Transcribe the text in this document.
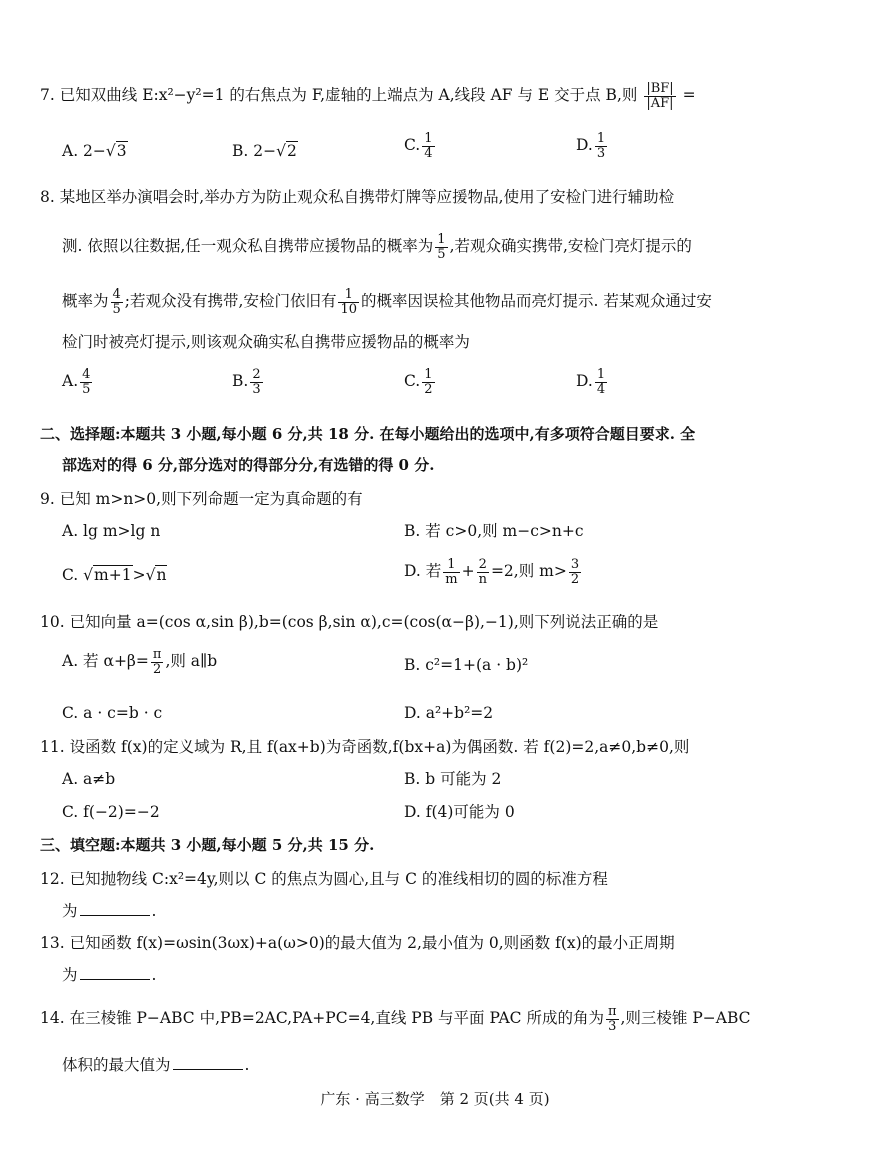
7. 已知双曲线 E:x²−y²=1 的右焦点为 F,虚轴的上端点为 A,线段 AF 与 E 交于点 B,则 $\frac{|BF|}{|AF|}$ =
A. 2−√3	B. 2−√2	C. $\frac{1}{4}$	D. $\frac{1}{3}$
8. 某地区举办演唱会时,举办方为防止观众私自携带灯牌等应援物品,使用了安检门进行辅助检
测. 依照以往数据,任一观众私自携带应援物品的概率为 $\frac{1}{5}$ ,若观众确实携带,安检门亮灯提示的
概率为 $\frac{4}{5}$ ;若观众没有携带,安检门依旧有 $\frac{1}{10}$ 的概率因误检其他物品而亮灯提示. 若某观众通过安
检门时被亮灯提示,则该观众确实私自携带应援物品的概率为
A. $\frac{4}{5}$	B. $\frac{2}{3}$	C. $\frac{1}{2}$	D. $\frac{1}{4}$
二、选择题:本题共 3 小题,每小题 6 分,共 18 分. 在每小题给出的选项中,有多项符合题目要求. 全
部选对的得 6 分,部分选对的得部分分,有选错的得 0 分.
9. 已知 m>n>0,则下列命题一定为真命题的有
A. lg m>lg n	B. 若 c>0,则 m−c>n+c
C. √m+1>√n	D. 若 $\frac{1}{m} + \frac{2}{n} =2$,则 $m> \frac{3}{2}$
10. 已知向量 a=(cos α,sin β),b=(cos β,sin α),c=(cos(α−β),−1),则下列说法正确的是
A. 若 $\alpha+\beta= \frac{\pi}{2}$ ,则 a∥b	B. c²=1+(a · b)²
C. a · c=b · c	D. a²+b²=2
11. 设函数 f(x)的定义域为 R,且 f(ax+b)为奇函数,f(bx+a)为偶函数. 若 f(2)=2,a≠0,b≠0,则
A. a≠b	B. b 可能为 2
C. f(−2)=−2	D. f(4)可能为 0
三、填空题:本题共 3 小题,每小题 5 分,共 15 分.
12. 已知抛物线 C:x²=4y,则以 C 的焦点为圆心,且与 C 的准线相切的圆的标准方程
为	.
13. 已知函数 f(x)=ωsin(3ωx)+a(ω>0)的最大值为 2,最小值为 0,则函数 f(x)的最小正周期
为	.
14. 在三棱锥 P−ABC 中,PB=2AC,PA+PC=4,直线 PB 与平面 PAC 所成的角为 $\frac{\pi}{3}$ ,则三棱锥 P−ABC
体积的最大值为	.
广东 · 高三数学　第 2 页(共 4 页)
